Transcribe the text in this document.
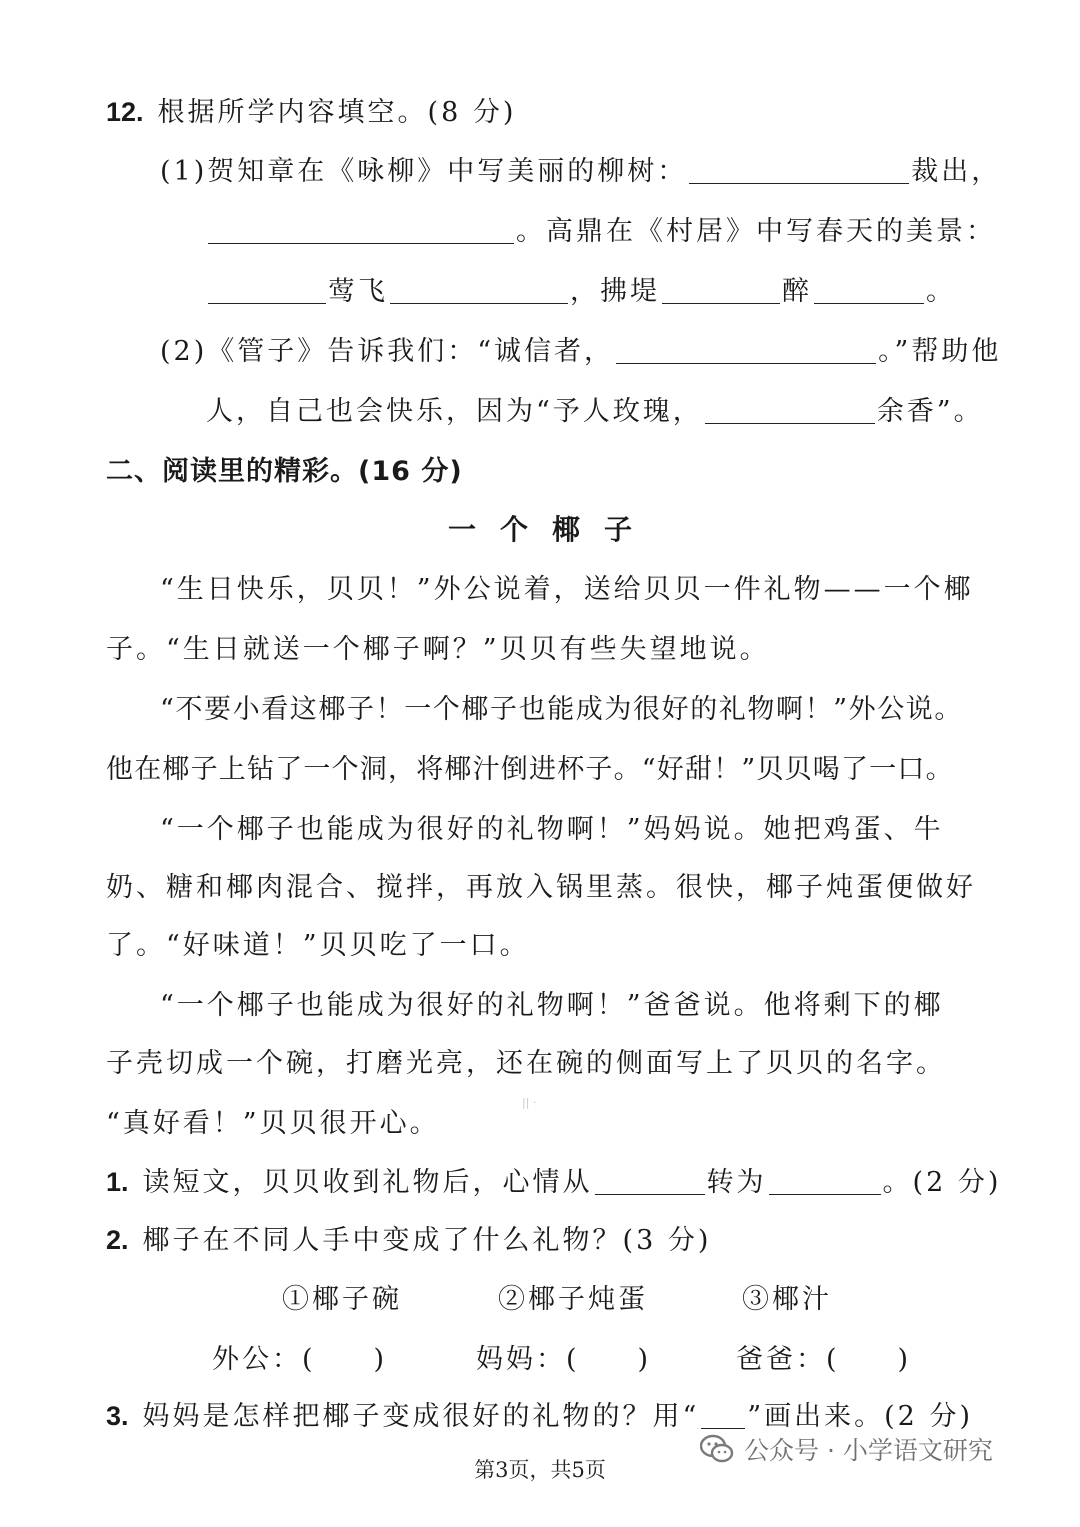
12. 根据所学内容填空。(8 分)
(1)贺知章在《咏柳》中写美丽的柳树：	裁出，
。高鼎在《村居》中写春天的美景：
莺飞	，拂堤	醉	。
(2)《管子》告诉我们：“诚信者，	。”帮助他
人，自己也会快乐，因为“予人玫瑰，	余香”。
二、阅读里的精彩。(16 分)
一个椰子
“生日快乐，贝贝！”外公说着，送给贝贝一件礼物——一个椰
子。“生日就送一个椰子啊？”贝贝有些失望地说。
“不要小看这椰子！一个椰子也能成为很好的礼物啊！”外公说。
他在椰子上钻了一个洞，将椰汁倒进杯子。“好甜！”贝贝喝了一口。
“一个椰子也能成为很好的礼物啊！”妈妈说。她把鸡蛋、牛
奶、糖和椰肉混合、搅拌，再放入锅里蒸。很快，椰子炖蛋便做好
了。“好味道！”贝贝吃了一口。
“一个椰子也能成为很好的礼物啊！”爸爸说。他将剩下的椰
子壳切成一个碗，打磨光亮，还在碗的侧面写上了贝贝的名字。
“真好看！”贝贝很开心。
|| ·
1. 读短文，贝贝收到礼物后，心情从	转为	。(2 分)
2. 椰子在不同人手中变成了什么礼物？(3 分)
①椰子碗	②椰子炖蛋	③椰汁
外公：( )	妈妈：( )	爸爸：( )
3. 妈妈是怎样把椰子变成很好的礼物的？用“ ”画出来。(2 分)
公众号 · 小学语文研究
第3页，共5页
